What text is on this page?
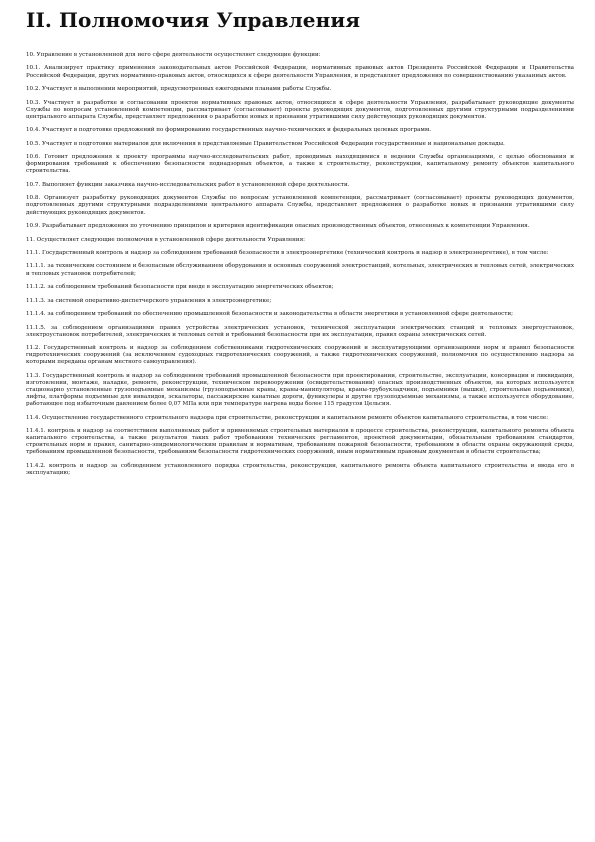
II. Полномочия Управления

10. Управление в установленной для него сфере деятельности осуществляет следующие функции:

10.1. Анализирует практику применения законодательных актов Российской Федерации, нормативных правовых актов Президента Российской Федерации и Правительства Российской Федерации, других нормативно-правовых актов, относящихся к сфере деятельности Управления, и представляет предложения по совершенствованию указанных актов.

10.2. Участвует в выполнении мероприятий, предусмотренных ежегодными планами работы Службы.

10.3. Участвует в разработке и согласовании проектов нормативных правовых актов, относящихся к сфере деятельности Управления, разрабатывает руководящие документы Службы по вопросам установленной компетенции, рассматривает (согласовывает) проекты руководящих документов, подготовленных другими структурными подразделениями центрального аппарата Службы, представляет предложения о разработке новых и признании утратившими силу действующих руководящих документов.

10.4. Участвует в подготовке предложений по формированию государственных научно-технических и федеральных целевых программ.

10.5. Участвует в подготовке материалов для включения в представляемые Правительством Российской Федерации государственные и национальные доклады.

10.6. Готовит предложения к проекту программы научно-исследовательских работ, проводимых находящимися в ведении Службы организациями, с целью обоснования и формирования требований к обеспечению безопасности поднадзорных объектов, а также к строительству, реконструкции, капитальному ремонту объектов капитального строительства.

10.7. Выполняет функции заказчика научно-исследовательских работ в установленной сфере деятельности.

10.8. Организует разработку руководящих документов Службы по вопросам установленной компетенции, рассматривает (согласовывает) проекты руководящих документов, подготовленных другими структурными подразделениями центрального аппарата Службы, представляет предложения о разработке новых и признании утратившими силу действующих руководящих документов.

10.9. Разрабатывает предложения по уточнению принципов и критериев идентификации опасных производственных объектов, отнесенных к компетенции Управления.

11. Осуществляет следующие полномочия в установленной сфере деятельности Управления:

11.1. Государственный контроль и надзор за соблюдением требований безопасности в электроэнергетике (технический контроль и надзор в электроэнергетике), в том числе:

11.1.1. за техническим состоянием и безопасным обслуживанием оборудования и основных сооружений электростанций, котельных, электрических и тепловых сетей, электрических и тепловых установок потребителей;

11.1.2. за соблюдением требований безопасности при вводе в эксплуатацию энергетических объектов;

11.1.3. за системой оперативно-диспетчерского управления в электроэнергетике;

11.1.4. за соблюдением требований по обеспечению промышленной безопасности и законодательства в области энергетики в установленной сфере деятельности;

11.1.5. за соблюдением организациями правил устройства электрических установок, технической эксплуатации электрических станций и тепловых энергоустановок, электроустановок потребителей, электрических и тепловых сетей и требований безопасности при их эксплуатации, правил охраны электрических сетей.

11.2. Государственный контроль и надзор за соблюдением собственниками гидротехнических сооружений и эксплуатирующими организациями норм и правил безопасности гидротехнических сооружений (за исключением судоходных гидротехнических сооружений, а также гидротехнических сооружений, полномочия по осуществлению надзора за которыми переданы органам местного самоуправления).

11.3. Государственный контроль и надзор за соблюдением требований промышленной безопасности при проектировании, строительстве, эксплуатации, консервации и ликвидации, изготовлении, монтаже, наладке, ремонте, реконструкции, техническом перевооружении (освидетельствовании) опасных производственных объектов, на которых используется стационарно установленные грузоподъемные механизмы (грузоподъемные краны, краны-манипуляторы, краны-трубоукладчики, подъемники (вышки), строительные подъемники), лифты, платформы подъемные для инвалидов, эскалаторы, пассажирские канатные дороги, фуникулеры и другие грузоподъемные механизмы, а также используется оборудование, работающее под избыточным давлением более 0,07 МПа или при температуре нагрева воды более 115 градусов Цельсия.

11.4. Осуществление государственного строительного надзора при строительстве, реконструкции и капитальном ремонте объектов капитального строительства, в том числе:

11.4.1. контроль и надзор за соответствием выполняемых работ и применяемых строительных материалов в процессе строительства, реконструкции, капитального ремонта объекта капитального строительства, а также результатов таких работ требованиям технических регламентов, проектной документации, обязательным требованиям стандартов, строительных норм и правил, санитарно-эпидемиологическим правилам и нормативам, требованиям пожарной безопасности, требованиям в области охраны окружающей среды, требованиям промышленной безопасности, требованиям безопасности гидротехнических сооружений, иным нормативным правовым документам в области строительства;

11.4.2. контроль и надзор за соблюдением установленного порядка строительства, реконструкции, капитального ремонта объекта капитального строительства и ввода его в эксплуатацию;
